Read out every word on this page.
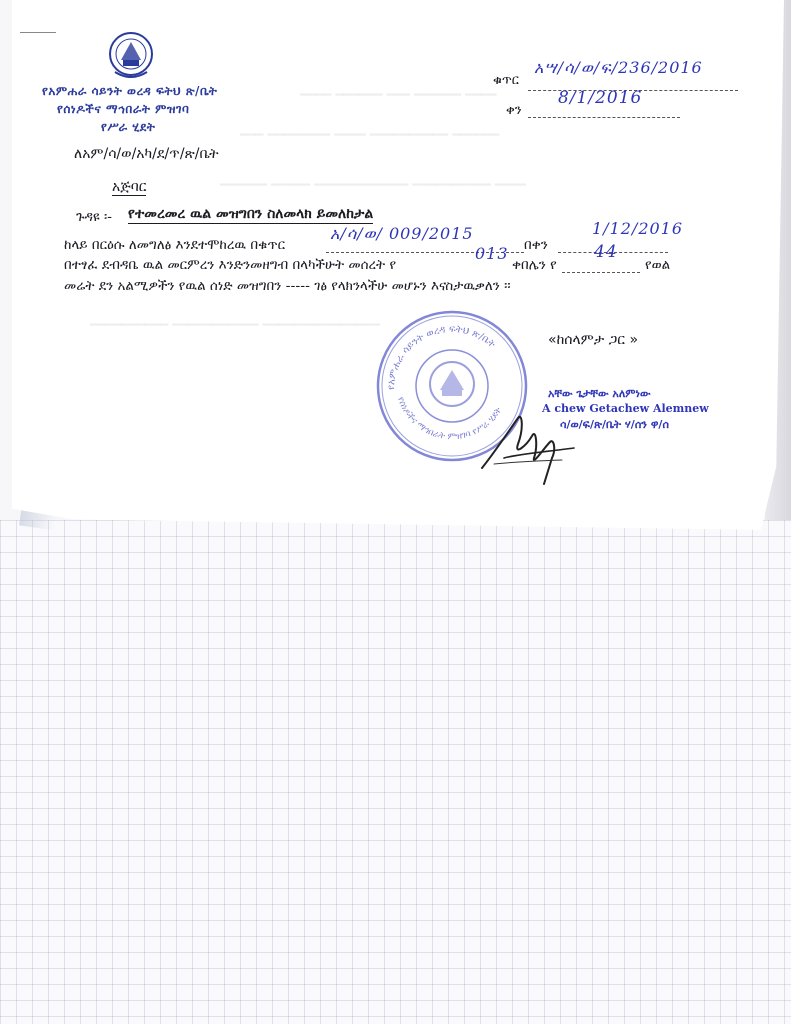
━━━━ ━━━━━━ ━━━ ━━━━━━ ━━━━
━━━ ━━━━━━━━ ━━━━ ━━━━━━━━━━ ━━━━━━
━━━━━━ ━━━━━ ━━━━━━━━━━━━ ━━━━━━━━━━ ━━━━
━━━━━━━━━━ ━━━━━━━━━━━ ━━━━━━━━━━━━━━━
የአምሐራ ሳይንት ወረዳ ፍትህ ጽ/ቤት
የሰነዶችና ማኅበራት ምዝገባ
የሥራ ሂደት
ቁጥር
አሣ/ሳ/ወ/ፍ/236/2016
ቀን
8/1/2016
ለአም/ሳ/ወ/አካ/ደ/ጥ/ጽ/ቤት
አጅባር
ጉዳዩ ፡- የተመረመረ ዉል መዝግበን ስለመላክ ይመለከታል
ከላይ በርዕሱ ለመግለፅ እንደተሞከረዉ በቁጥር
አ/ሳ/ወ/ 009/2015
በቀን
1/12/2016
በተፃፈ ደብዳቤ ዉል መርምረን እንድንመዘግብ በላካችሁት መሰረት የ
013
ቀበሌን የ
44
የወል
መሬት ደን አልሚዎችን የዉል ሰነድ መዝግበን ----- ገፅ የላክንላችሁ መሆኑን እናስታዉቃለን ፡፡
«ከሰላምታ ጋር »
የአምሐራ ሳይንት ወረዳ ፍትህ ጽ/ቤት
የሰነዶችና ማኅበራት ምዝገባ የሥራ ሂደት
አቸው ጌታቸው አለምነው
A chew Getachew Alemnew
ሳ/ወ/ፍ/ጽ/ቤት ሃ/ሰን ዋ/ሰ
